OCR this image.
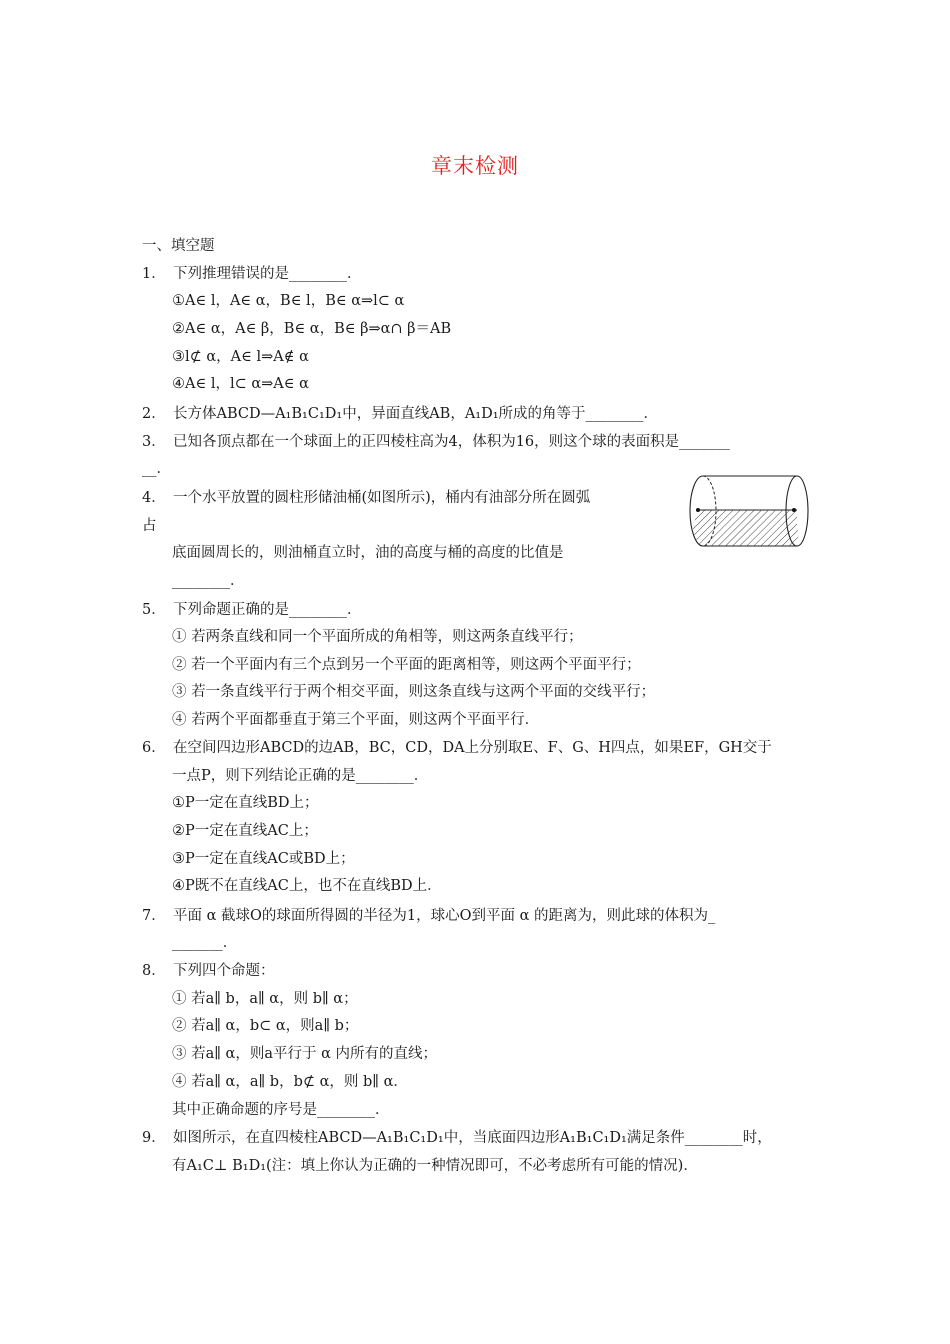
章末检测
一、填空题
1．　下列推理错误的是________．
①A∈ l，A∈ α，B∈ l，B∈ α⇒l⊂ α
②A∈ α，A∈ β，B∈ α，B∈ β⇒α∩ β＝AB
③l⊄ α，A∈ l⇒A∉ α
④A∈ l，l⊂ α⇒A∈ α
2．　长方体ABCD—A₁B₁C₁D₁中，异面直线AB，A₁D₁所成的角等于________．
3．　已知各顶点都在一个球面上的正四棱柱高为4，体积为16，则这个球的表面积是_______
__．
4．　一个水平放置的圆柱形储油桶(如图所示)，桶内有油部分所在圆弧
占
底面圆周长的，则油桶直立时，油的高度与桶的高度的比值是
________．
5．　下列命题正确的是________．
① 若两条直线和同一个平面所成的角相等，则这两条直线平行；
② 若一个平面内有三个点到另一个平面的距离相等，则这两个平面平行；
③ 若一条直线平行于两个相交平面，则这条直线与这两个平面的交线平行；
④ 若两个平面都垂直于第三个平面，则这两个平面平行．
6．　在空间四边形ABCD的边AB，BC，CD，DA上分别取E、F、G、H四点，如果EF，GH交于
一点P，则下列结论正确的是________．
①P一定在直线BD上；
②P一定在直线AC上；
③P一定在直线AC或BD上；
④P既不在直线AC上，也不在直线BD上．
7．　平面 α 截球O的球面所得圆的半径为1，球心O到平面 α 的距离为，则此球的体积为_
_______．
8．　下列四个命题：
① 若a∥ b，a∥ α，则 b∥ α；
② 若a∥ α，b⊂ α，则a∥ b；
③ 若a∥ α，则a平行于 α 内所有的直线；
④ 若a∥ α，a∥ b，b⊄ α，则 b∥ α．
其中正确命题的序号是________．
9．　如图所示，在直四棱柱ABCD—A₁B₁C₁D₁中，当底面四边形A₁B₁C₁D₁满足条件________时，
有A₁C⊥ B₁D₁(注：填上你认为正确的一种情况即可，不必考虑所有可能的情况)．
